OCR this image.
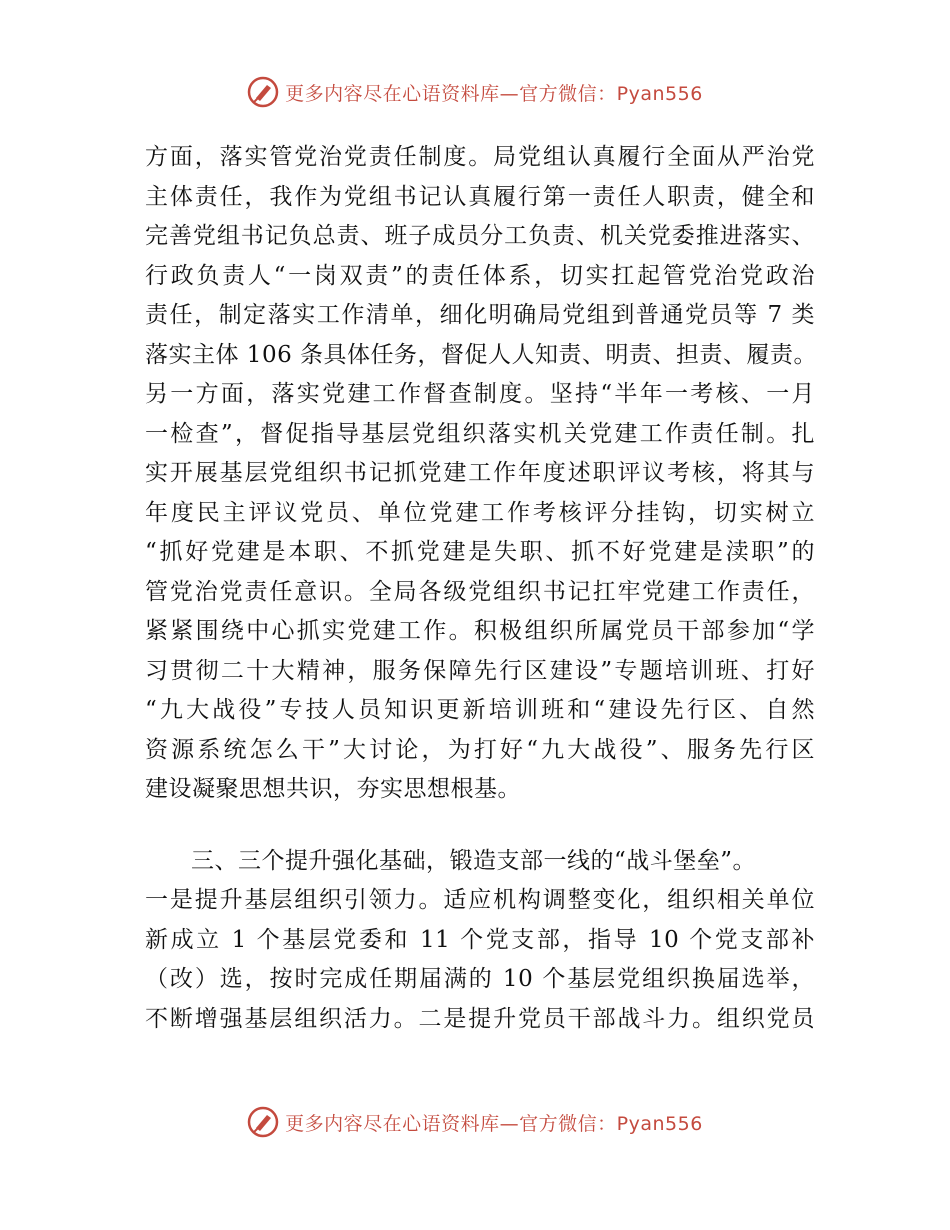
更多内容尽在心语资料库—官方微信：Pyan556
方面，落实管党治党责任制度。局党组认真履行全面从严治党
主体责任，我作为党组书记认真履行第一责任人职责，健全和
完善党组书记负总责、班子成员分工负责、机关党委推进落实、
行政负责人“一岗双责”的责任体系，切实扛起管党治党政治
责任，制定落实工作清单，细化明确局党组到普通党员等 7 类
落实主体 106 条具体任务，督促人人知责、明责、担责、履责。
另一方面，落实党建工作督查制度。坚持“半年一考核、一月
一检查”，督促指导基层党组织落实机关党建工作责任制。扎
实开展基层党组织书记抓党建工作年度述职评议考核，将其与
年度民主评议党员、单位党建工作考核评分挂钩，切实树立
“抓好党建是本职、不抓党建是失职、抓不好党建是渎职”的
管党治党责任意识。全局各级党组织书记扛牢党建工作责任，
紧紧围绕中心抓实党建工作。积极组织所属党员干部参加“学
习贯彻二十大精神，服务保障先行区建设”专题培训班、打好
“九大战役”专技人员知识更新培训班和“建设先行区、自然
资源系统怎么干”大讨论，为打好“九大战役”、服务先行区
建设凝聚思想共识，夯实思想根基。
三、三个提升强化基础，锻造支部一线的“战斗堡垒”。
一是提升基层组织引领力。适应机构调整变化，组织相关单位
新成立 1 个基层党委和 11 个党支部，指导 10 个党支部补
（改）选，按时完成任期届满的 10 个基层党组织换届选举，
不断增强基层组织活力。二是提升党员干部战斗力。组织党员
更多内容尽在心语资料库—官方微信：Pyan556
